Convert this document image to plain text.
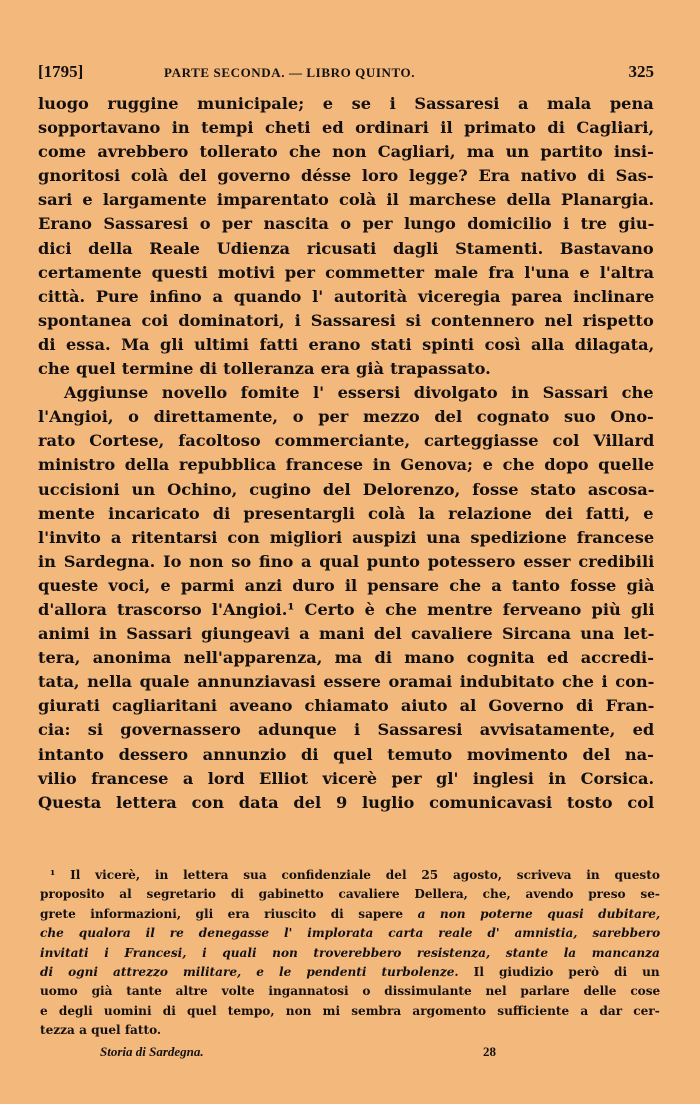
[1795]	PARTE SECONDA. — LIBRO QUINTO.	325
luogo ruggine municipale; e se i Sassaresi a mala pena
sopportavano in tempi cheti ed ordinari il primato di Cagliari,
come avrebbero tollerato che non Cagliari, ma un partito insi-
gnoritosi colà del governo désse loro legge? Era nativo di Sas-
sari e largamente imparentato colà il marchese della Planargia.
Erano Sassaresi o per nascita o per lungo domicilio i tre giu-
dici della Reale Udienza ricusati dagli Stamenti. Bastavano
certamente questi motivi per commetter male fra l'una e l'altra
città. Pure infino a quando l' autorità viceregia parea inclinare
spontanea coi dominatori, i Sassaresi si contennero nel rispetto
di essa. Ma gli ultimi fatti erano stati spinti così alla dilagata,
che quel termine di tolleranza era già trapassato.
Aggiunse novello fomite l' essersi divolgato in Sassari che
l'Angioi, o direttamente, o per mezzo del cognato suo Ono-
rato Cortese, facoltoso commerciante, carteggiasse col Villard
ministro della repubblica francese in Genova; e che dopo quelle
uccisioni un Ochino, cugino del Delorenzo, fosse stato ascosa-
mente incaricato di presentargli colà la relazione dei fatti, e
l'invito a ritentarsi con migliori auspizi una spedizione francese
in Sardegna. Io non so fino a qual punto potessero esser credibili
queste voci, e parmi anzi duro il pensare che a tanto fosse già
d'allora trascorso l'Angioi.¹ Certo è che mentre ferveano più gli
animi in Sassari giungeavi a mani del cavaliere Sircana una let-
tera, anonima nell'apparenza, ma di mano cognita ed accredi-
tata, nella quale annunziavasi essere oramai indubitato che i con-
giurati cagliaritani aveano chiamato aiuto al Governo di Fran-
cia: si governassero adunque i Sassaresi avvisatamente, ed
intanto dessero annunzio di quel temuto movimento del na-
vilio francese a lord Elliot vicerè per gl' inglesi in Corsica.
Questa lettera con data del 9 luglio comunicavasi tosto col
¹ Il vicerè, in lettera sua confidenziale del 25 agosto, scriveva in questo
proposito al segretario di gabinetto cavaliere Dellera, che, avendo preso se-
grete informazioni, gli era riuscito di sapere a non poterne quasi dubitare,
che qualora il re denegasse l' implorata carta reale d' amnistia, sarebbero
invitati i Francesi, i quali non troverebbero resistenza, stante la mancanza
di ogni attrezzo militare, e le pendenti turbolenze. Il giudizio però di un
uomo già tante altre volte ingannatosi o dissimulante nel parlare delle cose
e degli uomini di quel tempo, non mi sembra argomento sufficiente a dar cer-
tezza a quel fatto.
Storia di Sardegna.	28
